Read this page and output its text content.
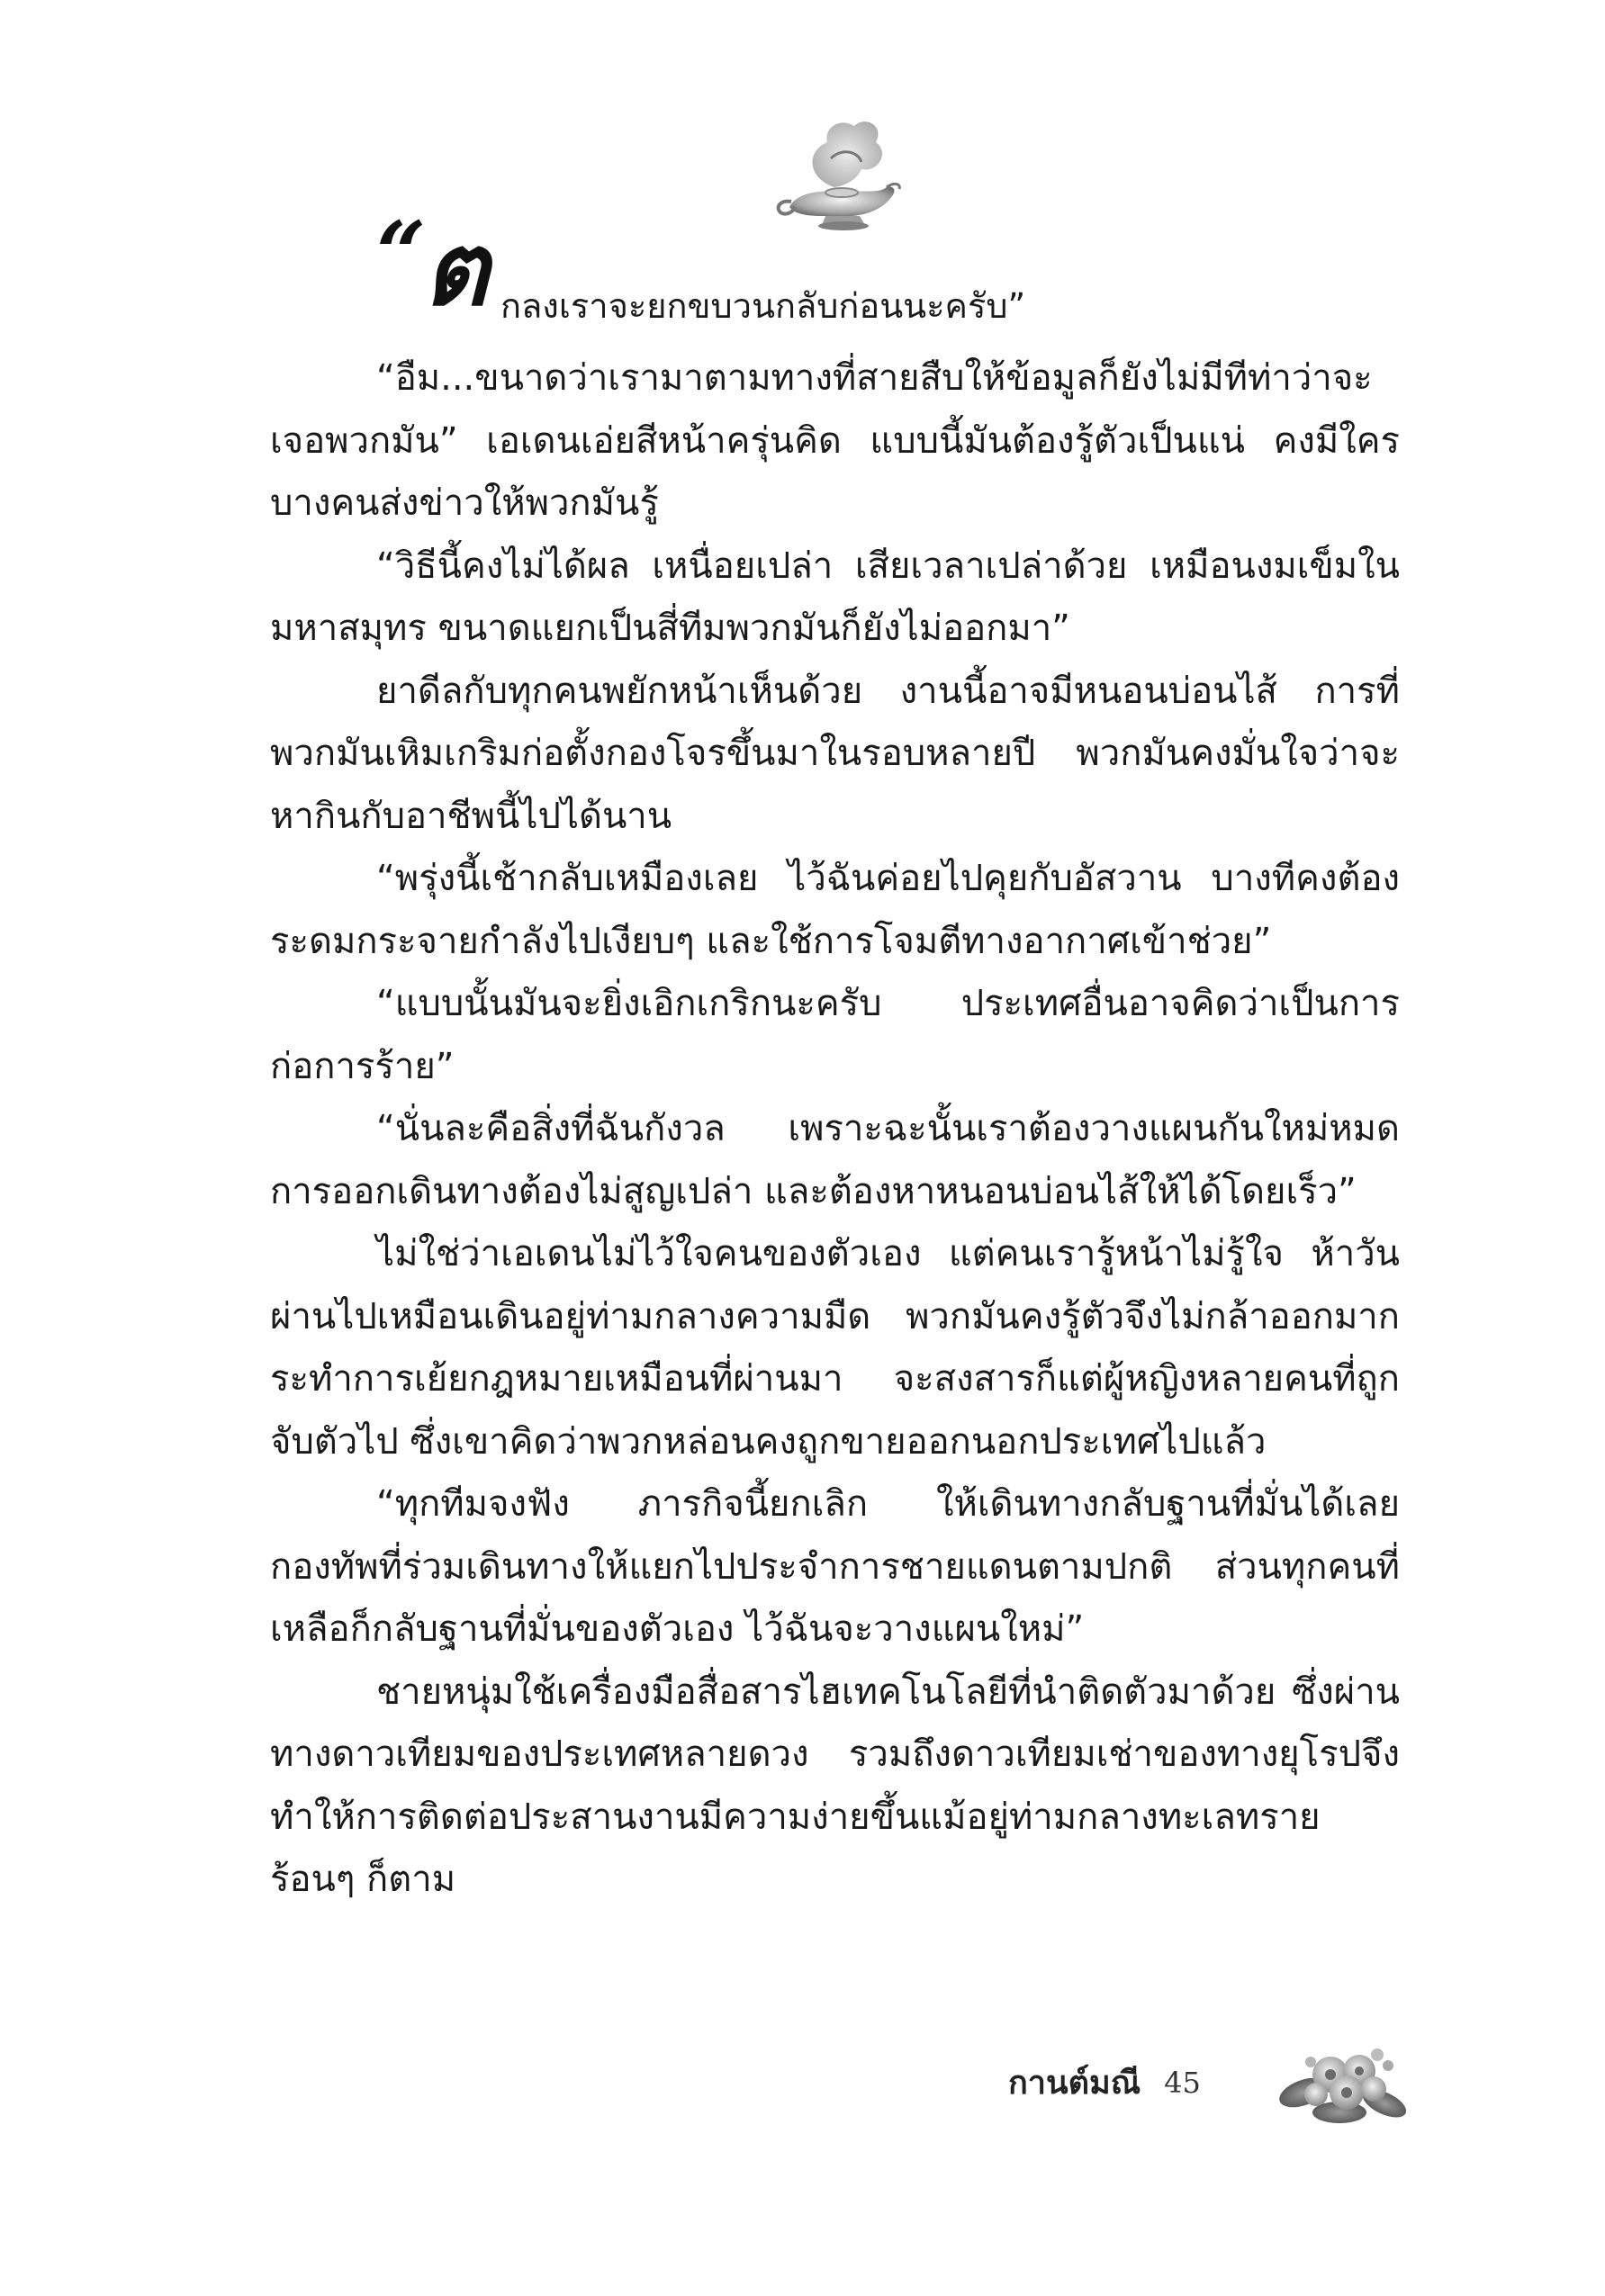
“
ต กลงเราจะยกขบวนกลับก่อนนะครับ”

“อืม...ขนาดว่าเรามาตามทางที่สายสืบให้ข้อมูลก็ยังไม่มีทีท่าว่าจะเจอพวกมัน” เอเดนเอ่ยสีหน้าครุ่นคิด แบบนี้มันต้องรู้ตัวเป็นแน่ คงมีใครบางคนส่งข่าวให้พวกมันรู้

“วิธีนี้คงไม่ได้ผล เหนื่อยเปล่า เสียเวลาเปล่าด้วย เหมือนงมเข็มในมหาสมุทร ขนาดแยกเป็นสี่ทีมพวกมันก็ยังไม่ออกมา”

ยาดีลกับทุกคนพยักหน้าเห็นด้วย งานนี้อาจมีหนอนบ่อนไส้ การที่พวกมันเหิมเกริมก่อตั้งกองโจรขึ้นมาในรอบหลายปี พวกมันคงมั่นใจว่าจะหากินกับอาชีพนี้ไปได้นาน

“พรุ่งนี้เช้ากลับเหมืองเลย ไว้ฉันค่อยไปคุยกับอัสวาน บางทีคงต้องระดมกระจายกำลังไปเงียบๆ และใช้การโจมตีทางอากาศเข้าช่วย”

“แบบนั้นมันจะยิ่งเอิกเกริกนะครับ ประเทศอื่นอาจคิดว่าเป็นการก่อการร้าย”

“นั่นละคือสิ่งที่ฉันกังวล เพราะฉะนั้นเราต้องวางแผนกันใหม่หมด การออกเดินทางต้องไม่สูญเปล่า และต้องหาหนอนบ่อนไส้ให้ได้โดยเร็ว”

ไม่ใช่ว่าเอเดนไม่ไว้ใจคนของตัวเอง แต่คนเรารู้หน้าไม่รู้ใจ ห้าวันผ่านไปเหมือนเดินอยู่ท่ามกลางความมืด พวกมันคงรู้ตัวจึงไม่กล้าออกมากระทำการเย้ยกฎหมายเหมือนที่ผ่านมา จะสงสารก็แต่ผู้หญิงหลายคนที่ถูกจับตัวไป ซึ่งเขาคิดว่าพวกหล่อนคงถูกขายออกนอกประเทศไปแล้ว

“ทุกทีมจงฟัง ภารกิจนี้ยกเลิก ให้เดินทางกลับฐานที่มั่นได้เลย กองทัพที่ร่วมเดินทางให้แยกไปประจำการชายแดนตามปกติ ส่วนทุกคนที่เหลือก็กลับฐานที่มั่นของตัวเอง ไว้ฉันจะวางแผนใหม่”

ชายหนุ่มใช้เครื่องมือสื่อสารไฮเทคโนโลยีที่นำติดตัวมาด้วย ซึ่งผ่านทางดาวเทียมของประเทศหลายดวง รวมถึงดาวเทียมเช่าของทางยุโรปจึงทำให้การติดต่อประสานงานมีความง่ายขึ้นแม้อยู่ท่ามกลางทะเลทรายร้อนๆ ก็ตาม

กานต์มณี 45
